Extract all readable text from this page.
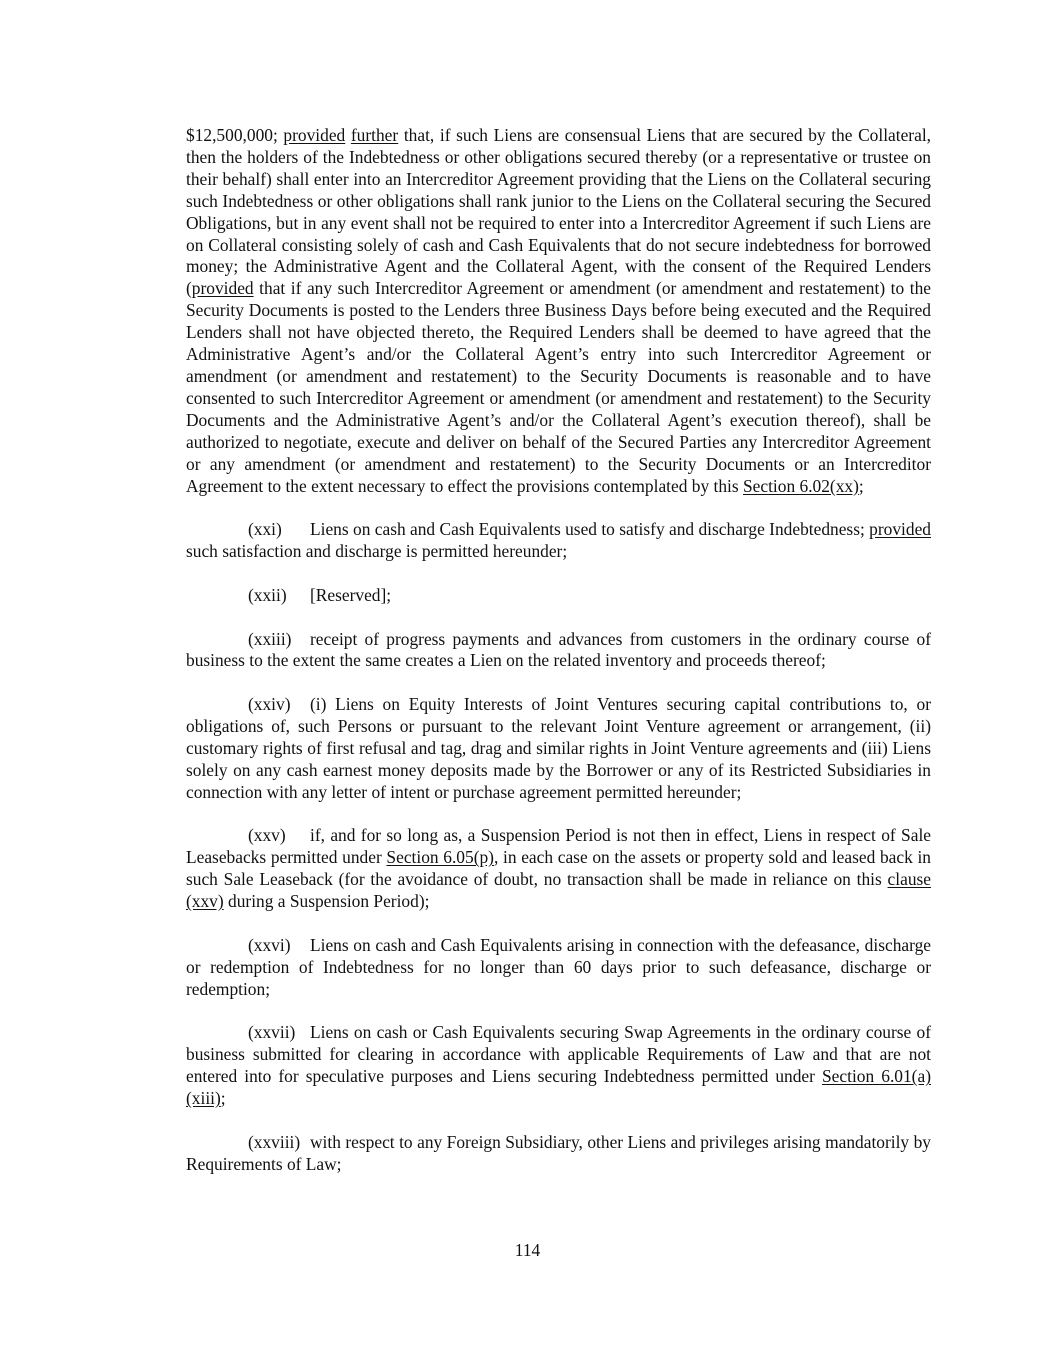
$12,500,000; provided further that, if such Liens are consensual Liens that are secured by the Collateral, then the holders of the Indebtedness or other obligations secured thereby (or a representative or trustee on their behalf) shall enter into an Intercreditor Agreement providing that the Liens on the Collateral securing such Indebtedness or other obligations shall rank junior to the Liens on the Collateral securing the Secured Obligations, but in any event shall not be required to enter into a Intercreditor Agreement if such Liens are on Collateral consisting solely of cash and Cash Equivalents that do not secure indebtedness for borrowed money; the Administrative Agent and the Collateral Agent, with the consent of the Required Lenders (provided that if any such Intercreditor Agreement or amendment (or amendment and restatement) to the Security Documents is posted to the Lenders three Business Days before being executed and the Required Lenders shall not have objected thereto, the Required Lenders shall be deemed to have agreed that the Administrative Agent’s and/or the Collateral Agent’s entry into such Intercreditor Agreement or amendment (or amendment and restatement) to the Security Documents is reasonable and to have consented to such Intercreditor Agreement or amendment (or amendment and restatement) to the Security Documents and the Administrative Agent’s and/or the Collateral Agent’s execution thereof), shall be authorized to negotiate, execute and deliver on behalf of the Secured Parties any Intercreditor Agreement or any amendment (or amendment and restatement) to the Security Documents or an Intercreditor Agreement to the extent necessary to effect the provisions contemplated by this Section 6.02(xx);

(xxi) Liens on cash and Cash Equivalents used to satisfy and discharge Indebtedness; provided such satisfaction and discharge is permitted hereunder;

(xxii) [Reserved];

(xxiii) receipt of progress payments and advances from customers in the ordinary course of business to the extent the same creates a Lien on the related inventory and proceeds thereof;

(xxiv) (i) Liens on Equity Interests of Joint Ventures securing capital contributions to, or obligations of, such Persons or pursuant to the relevant Joint Venture agreement or arrangement, (ii) customary rights of first refusal and tag, drag and similar rights in Joint Venture agreements and (iii) Liens solely on any cash earnest money deposits made by the Borrower or any of its Restricted Subsidiaries in connection with any letter of intent or purchase agreement permitted hereunder;

(xxv) if, and for so long as, a Suspension Period is not then in effect, Liens in respect of Sale Leasebacks permitted under Section 6.05(p), in each case on the assets or property sold and leased back in such Sale Leaseback (for the avoidance of doubt, no transaction shall be made in reliance on this clause (xxv) during a Suspension Period);

(xxvi) Liens on cash and Cash Equivalents arising in connection with the defeasance, discharge or redemption of Indebtedness for no longer than 60 days prior to such defeasance, discharge or redemption;

(xxvii) Liens on cash or Cash Equivalents securing Swap Agreements in the ordinary course of business submitted for clearing in accordance with applicable Requirements of Law and that are not entered into for speculative purposes and Liens securing Indebtedness permitted under Section 6.01(a)(xiii);

(xxviii) with respect to any Foreign Subsidiary, other Liens and privileges arising mandatorily by Requirements of Law;

114
